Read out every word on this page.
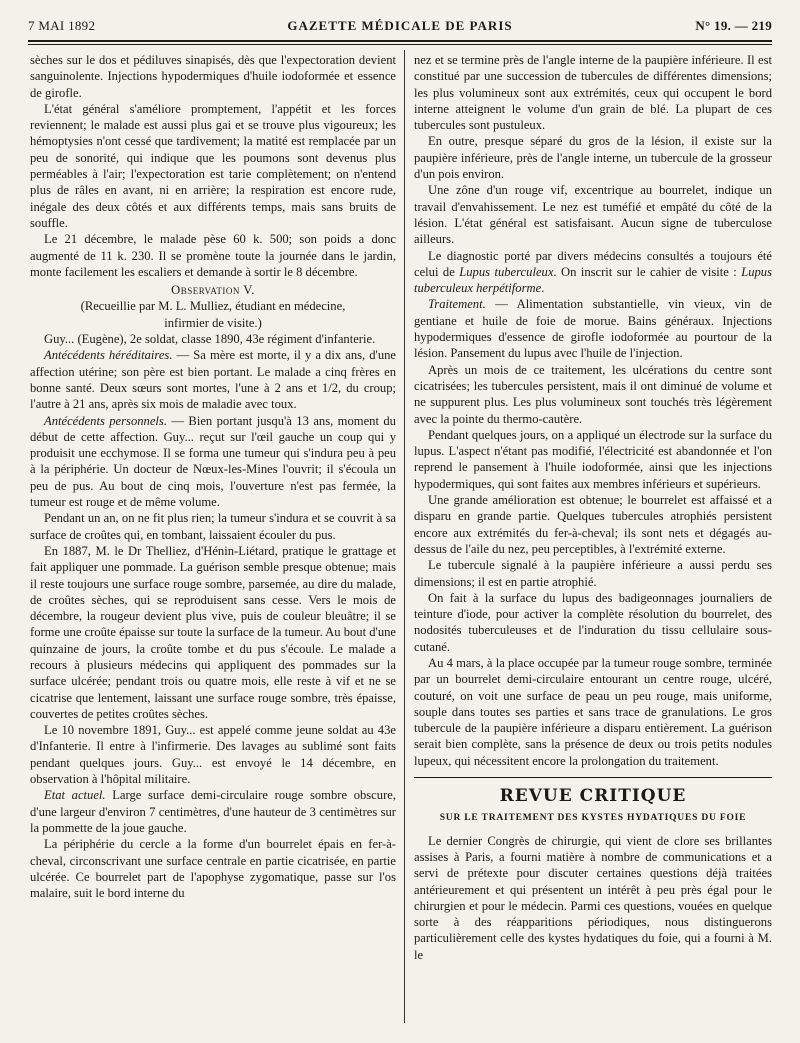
7 MAI 1892	GAZETTE MÉDICALE DE PARIS	N° 19. — 219

sèches sur le dos et pédiluves sinapisés, dès que l'expectoration devient sanguinolente. Injections hypodermiques d'huile iodoformée et essence de girofle.

L'état général s'améliore promptement, l'appétit et les forces reviennent; le malade est aussi plus gai et se trouve plus vigoureux; les hémoptysies n'ont cessé que tardivement; la matité est remplacée par un peu de sonorité, qui indique que les poumons sont devenus plus perméables à l'air; l'expectoration est tarie complètement; on n'entend plus de râles en avant, ni en arrière; la respiration est encore rude, inégale des deux côtés et aux différents temps, mais sans bruits de souffle.

Le 21 décembre, le malade pèse 60 k. 500; son poids a donc augmenté de 11 k. 230. Il se promène toute la journée dans le jardin, monte facilement les escaliers et demande à sortir le 8 décembre.

Observation V.

(Recueillie par M. L. Mulliez, étudiant en médecine,

infirmier de visite.)

Guy... (Eugène), 2e soldat, classe 1890, 43e régiment d'infanterie.

Antécédents héréditaires. — Sa mère est morte, il y a dix ans, d'une affection utérine; son père est bien portant. Le malade a cinq frères en bonne santé. Deux sœurs sont mortes, l'une à 2 ans et 1/2, du croup; l'autre à 21 ans, après six mois de maladie avec toux.

Antécédents personnels. — Bien portant jusqu'à 13 ans, moment du début de cette affection. Guy... reçut sur l'œil gauche un coup qui y produisit une ecchymose. Il se forma une tumeur qui s'indura peu à peu à la périphérie. Un docteur de Nœux-les-Mines l'ouvrit; il s'écoula un peu de pus. Au bout de cinq mois, l'ouverture n'est pas fermée, la tumeur est rouge et de même volume.

Pendant un an, on ne fit plus rien; la tumeur s'indura et se couvrit à sa surface de croûtes qui, en tombant, laissaient écouler du pus.

En 1887, M. le Dr Thelliez, d'Hénin-Liétard, pratique le grattage et fait appliquer une pommade. La guérison semble presque obtenue; mais il reste toujours une surface rouge sombre, parsemée, au dire du malade, de croûtes sèches, qui se reproduisent sans cesse. Vers le mois de décembre, la rougeur devient plus vive, puis de couleur bleuâtre; il se forme une croûte épaisse sur toute la surface de la tumeur. Au bout d'une quinzaine de jours, la croûte tombe et du pus s'écoule. Le malade a recours à plusieurs médecins qui appliquent des pommades sur la surface ulcérée; pendant trois ou quatre mois, elle reste à vif et ne se cicatrise que lentement, laissant une surface rouge sombre, très épaisse, couvertes de petites croûtes sèches.

Le 10 novembre 1891, Guy... est appelé comme jeune soldat au 43e d'Infanterie. Il entre à l'infirmerie. Des lavages au sublimé sont faits pendant quelques jours. Guy... est envoyé le 14 décembre, en observation à l'hôpital militaire.

Etat actuel. Large surface demi-circulaire rouge sombre obscure, d'une largeur d'environ 7 centimètres, d'une hauteur de 3 centimètres sur la pommette de la joue gauche.

La périphérie du cercle a la forme d'un bourrelet épais en fer-à-cheval, circonscrivant une surface centrale en partie cicatrisée, en partie ulcérée. Ce bourrelet part de l'apophyse zygomatique, passe sur l'os malaire, suit le bord interne du

nez et se termine près de l'angle interne de la paupière inférieure. Il est constitué par une succession de tubercules de différentes dimensions; les plus volumineux sont aux extrémités, ceux qui occupent le bord interne atteignent le volume d'un grain de blé. La plupart de ces tubercules sont pustuleux.

En outre, presque séparé du gros de la lésion, il existe sur la paupière inférieure, près de l'angle interne, un tubercule de la grosseur d'un pois environ.

Une zône d'un rouge vif, excentrique au bourrelet, indique un travail d'envahissement. Le nez est tuméfié et empâté du côté de la lésion. L'état général est satisfaisant. Aucun signe de tuberculose ailleurs.

Le diagnostic porté par divers médecins consultés a toujours été celui de Lupus tuberculeux. On inscrit sur le cahier de visite : Lupus tuberculeux herpétiforme.

Traitement. — Alimentation substantielle, vin vieux, vin de gentiane et huile de foie de morue. Bains généraux. Injections hypodermiques d'essence de girofle iodoformée au pourtour de la lésion. Pansement du lupus avec l'huile de l'injection.

Après un mois de ce traitement, les ulcérations du centre sont cicatrisées; les tubercules persistent, mais il ont diminué de volume et ne suppurent plus. Les plus volumineux sont touchés très légèrement avec la pointe du thermo-cautère.

Pendant quelques jours, on a appliqué un électrode sur la surface du lupus. L'aspect n'étant pas modifié, l'électricité est abandonnée et l'on reprend le pansement à l'huile iodoformée, ainsi que les injections hypodermiques, qui sont faites aux membres inférieurs et supérieurs.

Une grande amélioration est obtenue; le bourrelet est affaissé et a disparu en grande partie. Quelques tubercules atrophiés persistent encore aux extrémités du fer-à-cheval; ils sont nets et dégagés au-dessus de l'aile du nez, peu perceptibles, à l'extrémité externe.

Le tubercule signalé à la paupière inférieure a aussi perdu ses dimensions; il est en partie atrophié.

On fait à la surface du lupus des badigeonnages journaliers de teinture d'iode, pour activer la complète résolution du bourrelet, des nodosités tuberculeuses et de l'induration du tissu cellulaire sous-cutané.

Au 4 mars, à la place occupée par la tumeur rouge sombre, terminée par un bourrelet demi-circulaire entourant un centre rouge, ulcéré, couturé, on voit une surface de peau un peu rouge, mais uniforme, souple dans toutes ses parties et sans trace de granulations. Le gros tubercule de la paupière inférieure a disparu entièrement. La guérison serait bien complète, sans la présence de deux ou trois petits nodules lupeux, qui nécessitent encore la prolongation du traitement.

REVUE CRITIQUE

SUR LE TRAITEMENT DES KYSTES HYDATIQUES DU FOIE

Le dernier Congrès de chirurgie, qui vient de clore ses brillantes assises à Paris, a fourni matière à nombre de communications et a servi de prétexte pour discuter certaines questions déjà traitées antérieurement et qui présentent un intérêt à peu près égal pour le chirurgien et pour le médecin. Parmi ces questions, vouées en quelque sorte à des réapparitions périodiques, nous distinguerons particulièrement celle des kystes hydatiques du foie, qui a fourni à M. le
